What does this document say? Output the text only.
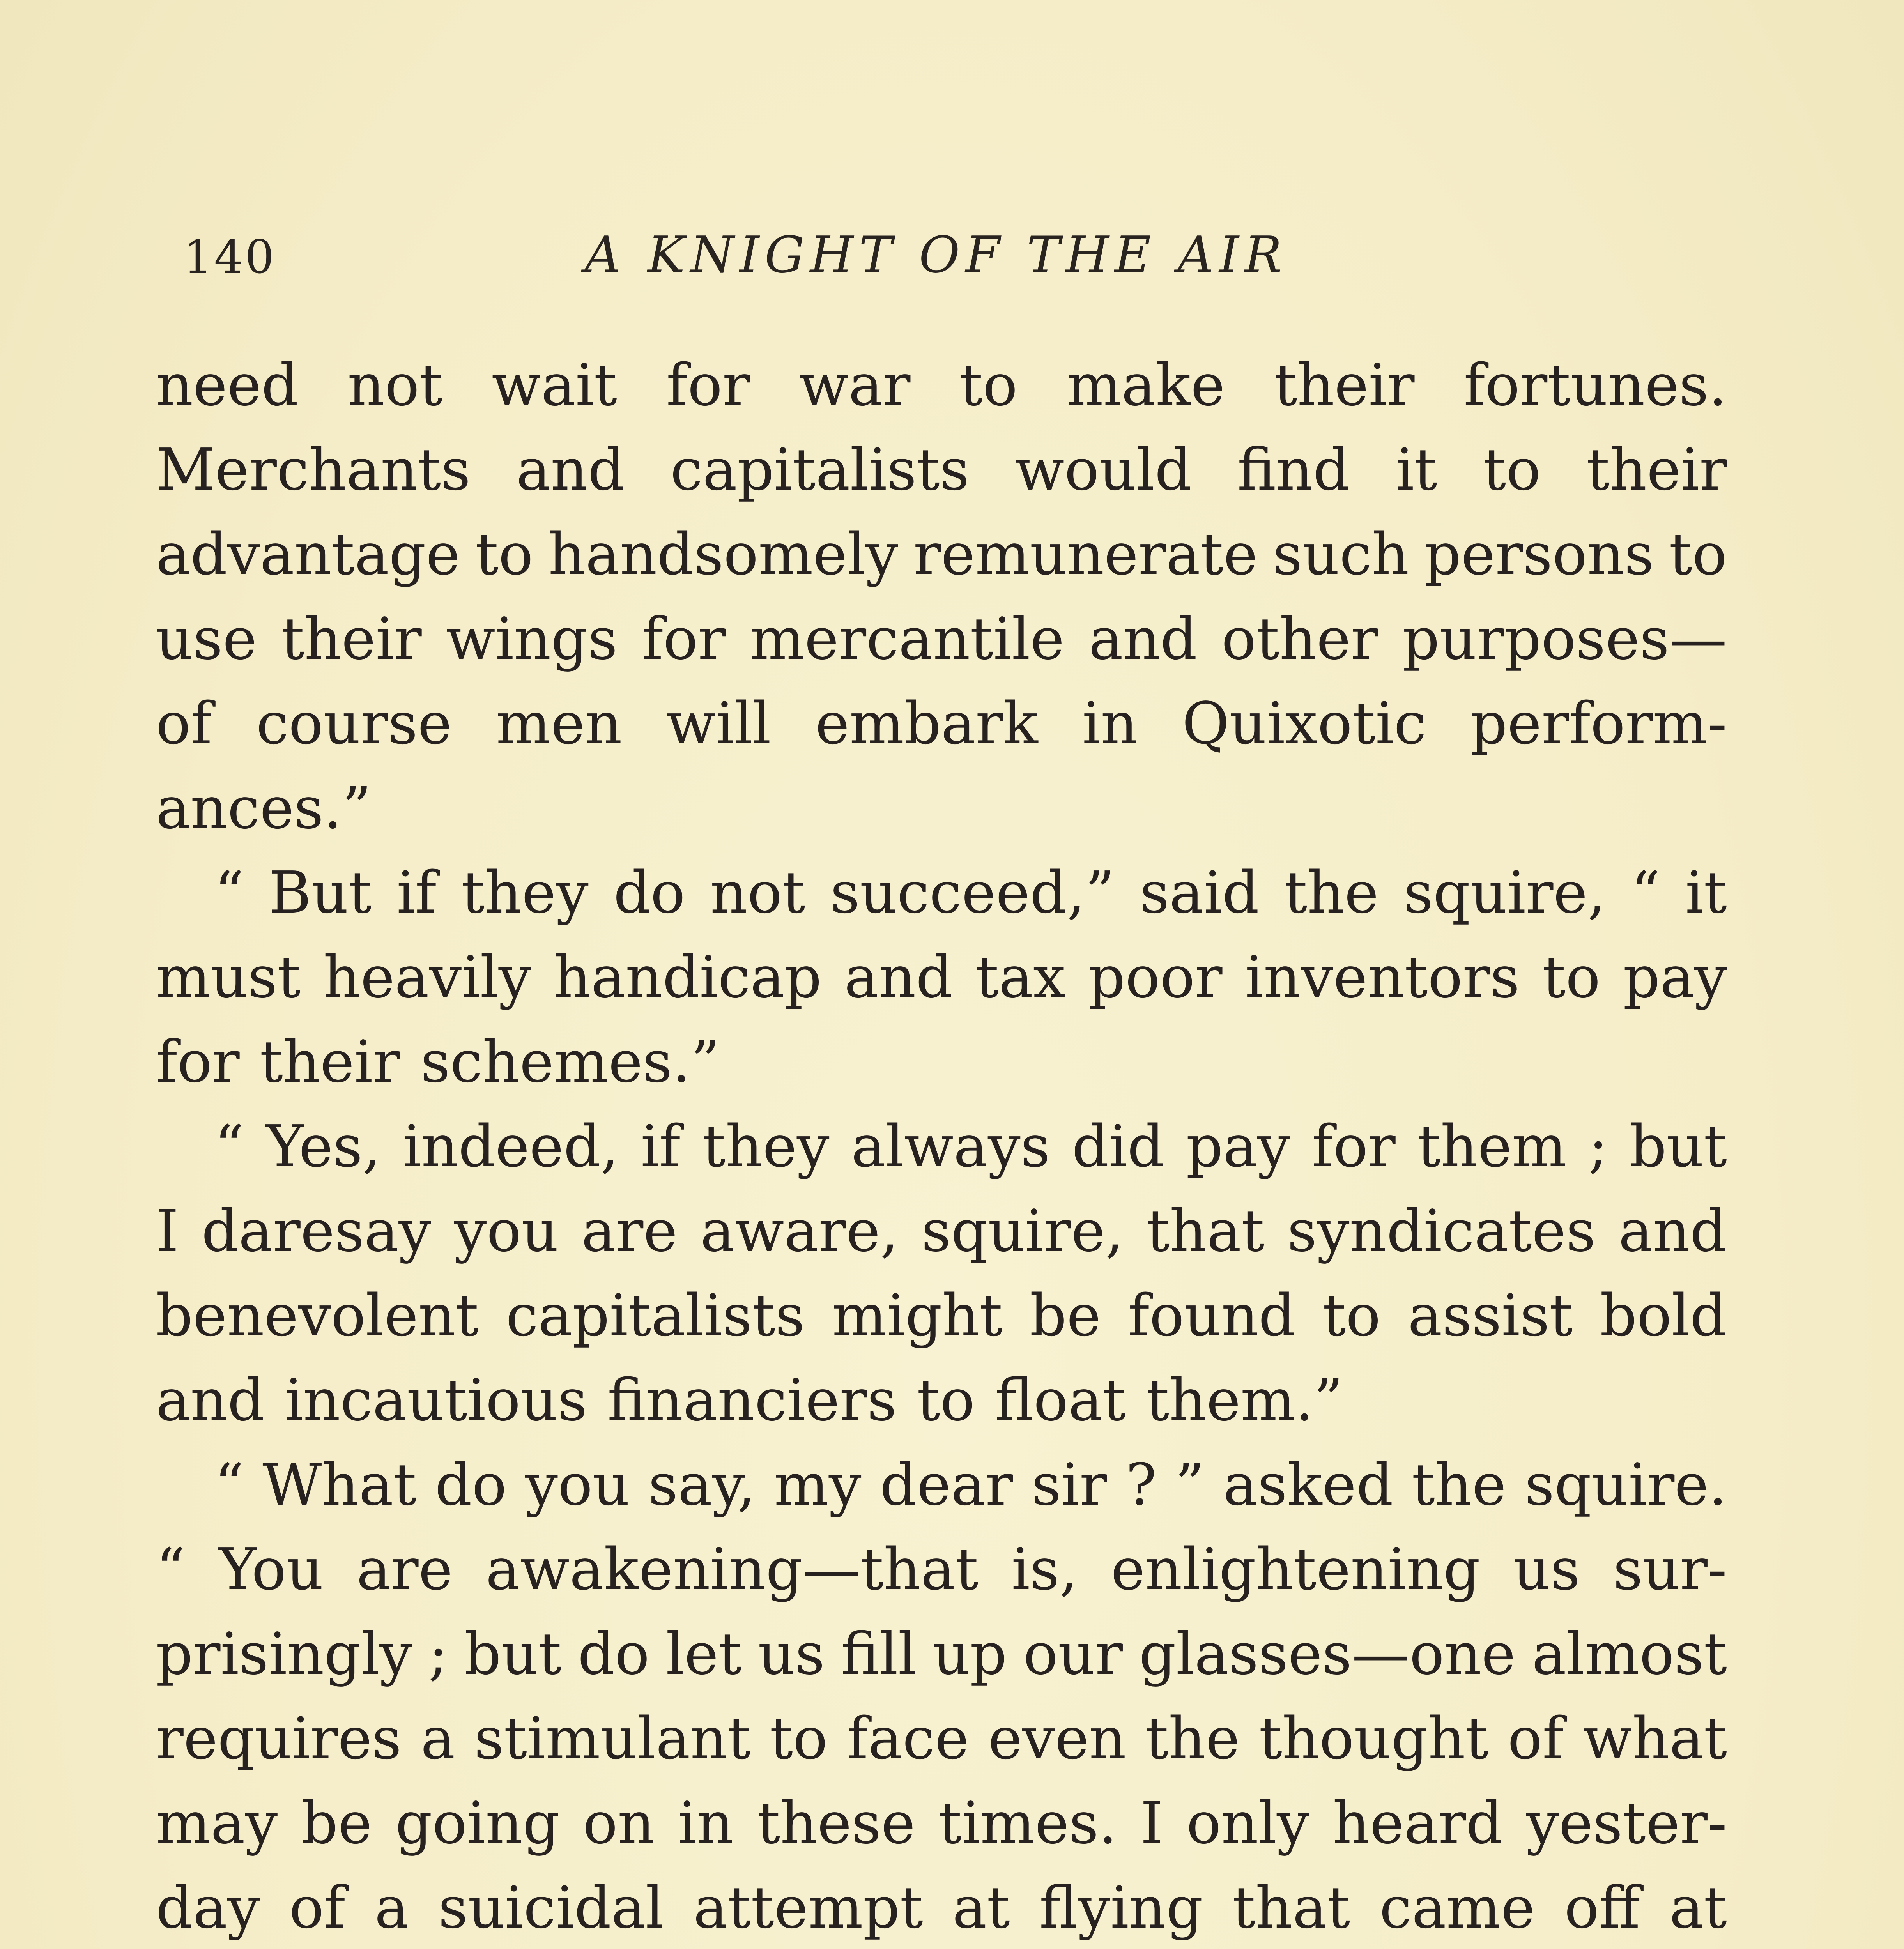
140	A KNIGHT OF THE AIR
need not wait for war to make their fortunes.
Merchants and capitalists would find it to their
advantage to handsomely remunerate such persons to
use their wings for mercantile and other purposes—
of course men will embark in Quixotic perform-
ances.”
“ But if they do not succeed,” said the squire, “ it
must heavily handicap and tax poor inventors to pay
for their schemes.”
“ Yes, indeed, if they always did pay for them ; but
I daresay you are aware, squire, that syndicates and
benevolent capitalists might be found to assist bold
and incautious financiers to float them.”
“ What do you say, my dear sir ? ” asked the squire.
“ You are awakening—that is, enlightening us sur-
prisingly ; but do let us fill up our glasses—one almost
requires a stimulant to face even the thought of what
may be going on in these times. I only heard yester-
day of a suicidal attempt at flying that came off at
